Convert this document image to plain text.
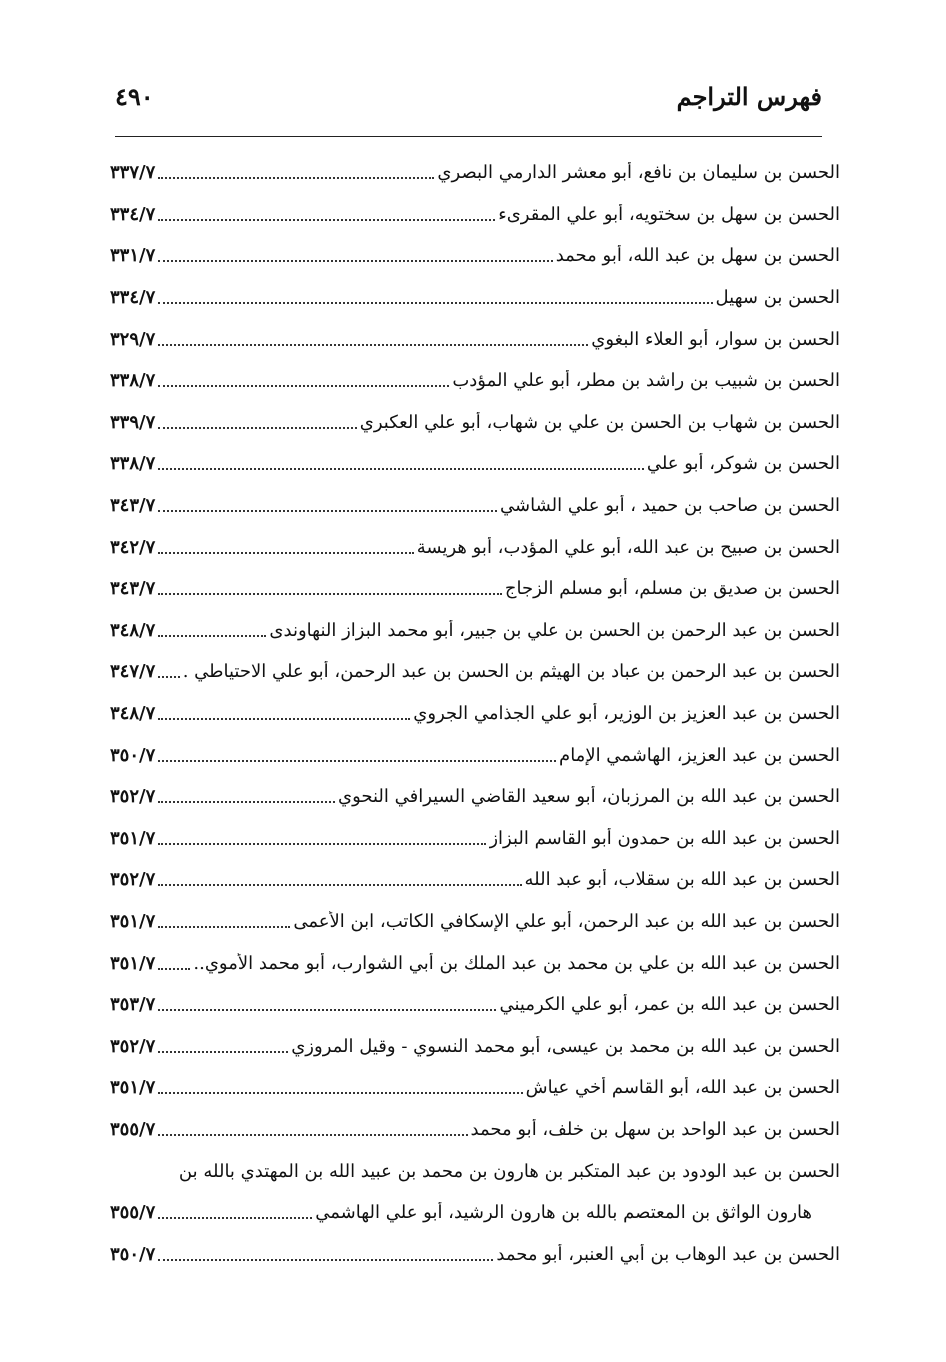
فهرس التراجم
٤٩٠
الحسن بن سليمان بن نافع، أبو معشر الدارمي البصري
٣٣٧/٧
الحسن بن سهل بن سختويه، أبو علي المقرىء
٣٣٤/٧
الحسن بن سهل بن عبد الله، أبو محمد
٣٣١/٧
الحسن بن سهيل
٣٣٤/٧
الحسن بن سوار، أبو العلاء البغوي
٣٢٩/٧
الحسن بن شبيب بن راشد بن مطر، أبو علي المؤدب
٣٣٨/٧
الحسن بن شهاب بن الحسن بن علي بن شهاب، أبو علي العكبري
٣٣٩/٧
الحسن بن شوكر، أبو علي
٣٣٨/٧
الحسن بن صاحب بن حميد ، أبو علي الشاشي
٣٤٣/٧
الحسن بن صبيح بن عبد الله، أبو علي المؤدب، أبو هريسة
٣٤٢/٧
الحسن بن صديق بن مسلم، أبو مسلم الزجاج
٣٤٣/٧
الحسن بن عبد الرحمن بن الحسن بن علي بن جبير، أبو محمد البزاز النهاوندى
٣٤٨/٧
الحسن بن عبد الرحمن بن عباد بن الهيثم بن الحسن بن عبد الرحمن، أبو علي الاحتياطي .
٣٤٧/٧
الحسن بن عبد العزيز بن الوزير، أبو علي الجذامي الجروي
٣٤٨/٧
الحسن بن عبد العزيز، الهاشمي الإمام
٣٥٠/٧
الحسن بن عبد الله بن المرزبان، أبو سعيد القاضي السيرافي النحوي
٣٥٢/٧
الحسن بن عبد الله بن حمدون أبو القاسم البزاز
٣٥١/٧
الحسن بن عبد الله بن سقلاب، أبو عبد الله
٣٥٢/٧
الحسن بن عبد الله بن عبد الرحمن، أبو علي الإسكافي الكاتب، ابن الأعمى
٣٥١/٧
الحسن بن عبد الله بن علي بن محمد بن عبد الملك بن أبي الشوارب، أبو محمد الأموي..
٣٥١/٧
الحسن بن عبد الله بن عمر، أبو علي الكرميني
٣٥٣/٧
الحسن بن عبد الله بن محمد بن عيسى، أبو محمد النسوي - وقيل المروزي
٣٥٢/٧
الحسن بن عبد الله، أبو القاسم أخي عياش
٣٥١/٧
الحسن بن عبد الواحد بن سهل بن خلف، أبو محمد
٣٥٥/٧
الحسن بن عبد الودود بن عبد المتكبر بن هارون بن محمد بن عبيد الله بن المهتدي بالله بن
هارون الواثق بن المعتصم بالله بن هارون الرشيد، أبو علي الهاشمي
٣٥٥/٧
الحسن بن عبد الوهاب بن أبي العنبر، أبو محمد
٣٥٠/٧
